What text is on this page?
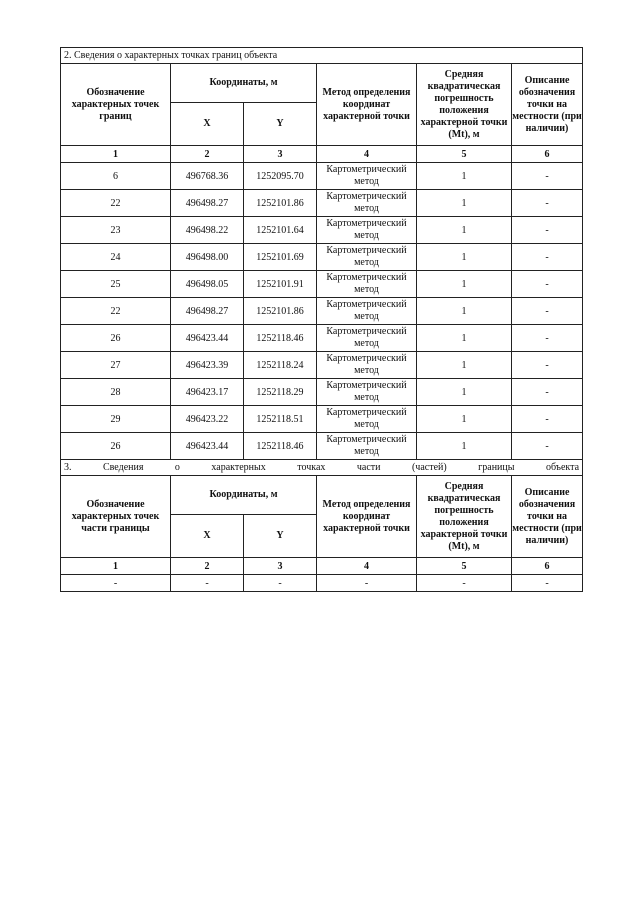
2. Сведения о характерных точках границ объекта					
Обозначение характерных точек границ	Координаты, м		Метод определения координат характерной точки	Средняя квадратическая погрешность положения характерной точки (Mt), м	Описание обозначения точки на местности (при наличии)
	X	Y			
1	2	3	4	5	6
6	496768.36	1252095.70	Картометрический метод	1	-
22	496498.27	1252101.86	Картометрический метод	1	-
23	496498.22	1252101.64	Картометрический метод	1	-
24	496498.00	1252101.69	Картометрический метод	1	-
25	496498.05	1252101.91	Картометрический метод	1	-
22	496498.27	1252101.86	Картометрический метод	1	-
26	496423.44	1252118.46	Картометрический метод	1	-
27	496423.39	1252118.24	Картометрический метод	1	-
28	496423.17	1252118.29	Картометрический метод	1	-
29	496423.22	1252118.51	Картометрический метод	1	-
26	496423.44	1252118.46	Картометрический метод	1	-
3. Сведения о характерных точках части (частей) границы объекта					
Обозначение характерных точек части границы	Координаты, м		Метод определения координат характерной точки	Средняя квадратическая погрешность положения характерной точки (Mt), м	Описание обозначения точки на местности (при наличии)
	X	Y			
1	2	3	4	5	6
-	-	-	-	-	-
